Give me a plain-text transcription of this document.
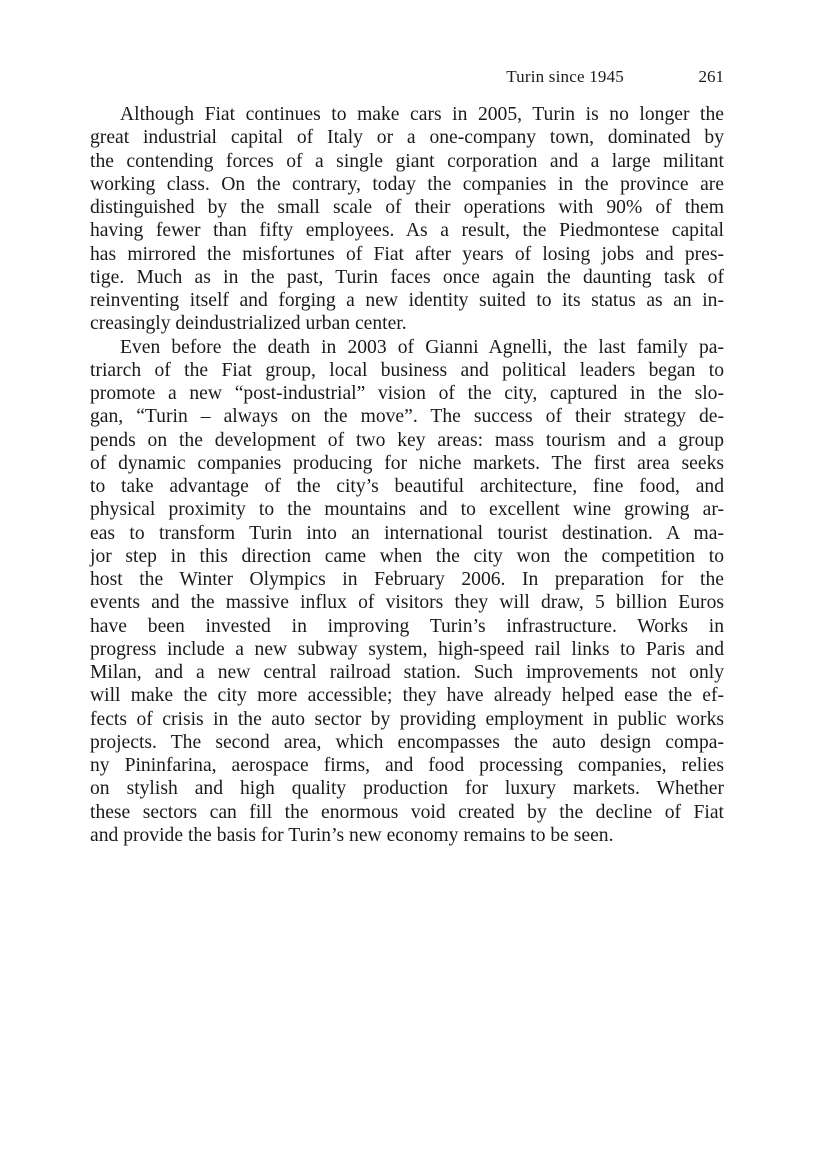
Turin since 1945	261
Although Fiat continues to make cars in 2005, Turin is no longer the
great industrial capital of Italy or a one-company town, dominated by
the contending forces of a single giant corporation and a large militant
working class. On the contrary, today the companies in the province are
distinguished by the small scale of their operations with 90% of them
having fewer than fifty employees. As a result, the Piedmontese capital
has mirrored the misfortunes of Fiat after years of losing jobs and pres-
tige. Much as in the past, Turin faces once again the daunting task of
reinventing itself and forging a new identity suited to its status as an in-
creasingly deindustrialized urban center.
Even before the death in 2003 of Gianni Agnelli, the last family pa-
triarch of the Fiat group, local business and political leaders began to
promote a new “post-industrial” vision of the city, captured in the slo-
gan, “Turin – always on the move”. The success of their strategy de-
pends on the development of two key areas: mass tourism and a group
of dynamic companies producing for niche markets. The first area seeks
to take advantage of the city’s beautiful architecture, fine food, and
physical proximity to the mountains and to excellent wine growing ar-
eas to transform Turin into an international tourist destination. A ma-
jor step in this direction came when the city won the competition to
host the Winter Olympics in February 2006. In preparation for the
events and the massive influx of visitors they will draw, 5 billion Euros
have been invested in improving Turin’s infrastructure. Works in
progress include a new subway system, high-speed rail links to Paris and
Milan, and a new central railroad station. Such improvements not only
will make the city more accessible; they have already helped ease the ef-
fects of crisis in the auto sector by providing employment in public works
projects. The second area, which encompasses the auto design compa-
ny Pininfarina, aerospace firms, and food processing companies, relies
on stylish and high quality production for luxury markets. Whether
these sectors can fill the enormous void created by the decline of Fiat
and provide the basis for Turin’s new economy remains to be seen.
